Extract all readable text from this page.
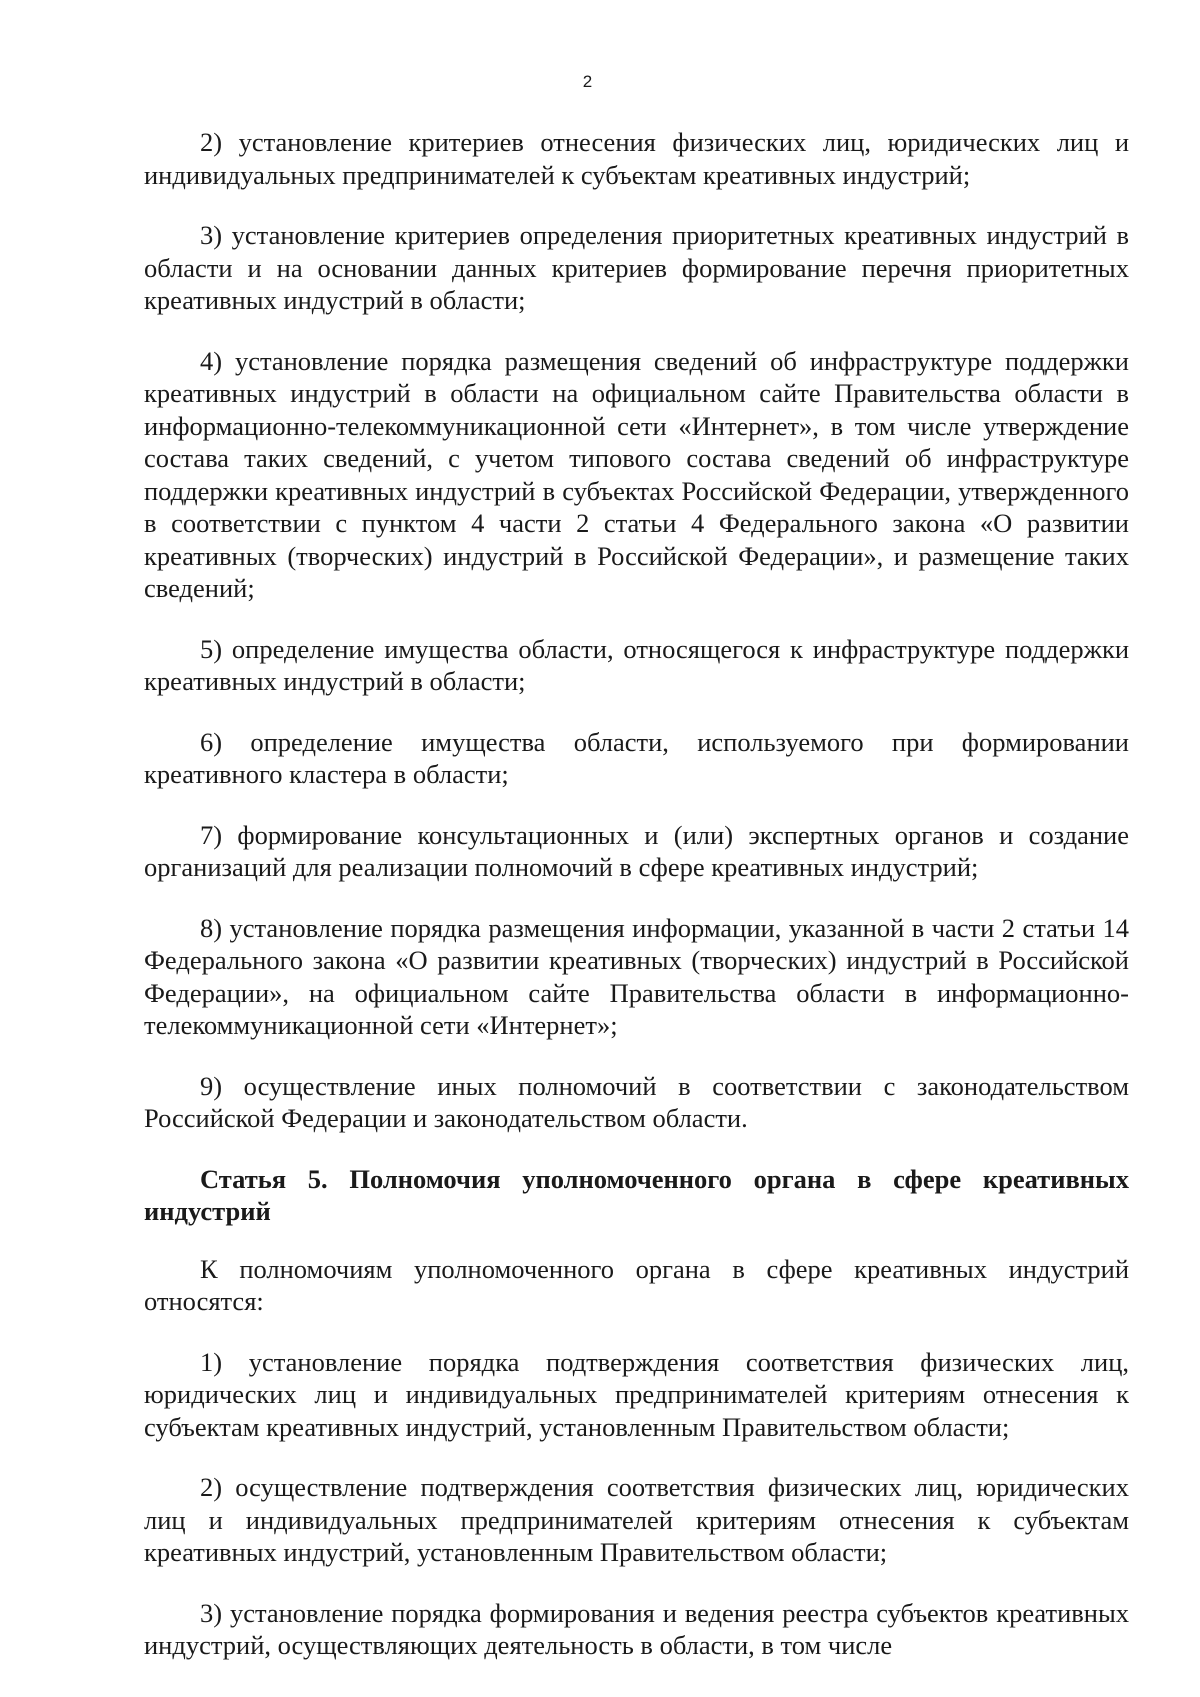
2

2) установление критериев отнесения физических лиц, юридических лиц и индивидуальных предпринимателей к субъектам креативных индустрий;

3) установление критериев определения приоритетных креативных индустрий в области и на основании данных критериев формирование перечня приоритетных креативных индустрий в области;

4) установление порядка размещения сведений об инфраструктуре поддержки креативных индустрий в области на официальном сайте Правительства области в информационно-телекоммуникационной сети «Интернет», в том числе утверждение состава таких сведений, с учетом типового состава сведений об инфраструктуре поддержки креативных индустрий в субъектах Российской Федерации, утвержденного в соответствии с пунктом 4 части 2 статьи 4 Федерального закона «О развитии креативных (творческих) индустрий в Российской Федерации», и размещение таких сведений;

5) определение имущества области, относящегося к инфраструктуре поддержки креативных индустрий в области;

6) определение имущества области, используемого при формировании креативного кластера в области;

7) формирование консультационных и (или) экспертных органов и создание организаций для реализации полномочий в сфере креативных индустрий;

8) установление порядка размещения информации, указанной в части 2 статьи 14 Федерального закона «О развитии креативных (творческих) индустрий в Российской Федерации», на официальном сайте Правительства области в информационно-телекоммуникационной сети «Интернет»;

9) осуществление иных полномочий в соответствии с законодательством Российской Федерации и законодательством области.

Статья 5. Полномочия уполномоченного органа в сфере креативных индустрий

К полномочиям уполномоченного органа в сфере креативных индустрий относятся:

1) установление порядка подтверждения соответствия физических лиц, юридических лиц и индивидуальных предпринимателей критериям отнесения к субъектам креативных индустрий, установленным Правительством области;

2) осуществление подтверждения соответствия физических лиц, юридических лиц и индивидуальных предпринимателей критериям отнесения к субъектам креативных индустрий, установленным Правительством области;

3) установление порядка формирования и ведения реестра субъектов креативных индустрий, осуществляющих деятельность в области, в том числе
